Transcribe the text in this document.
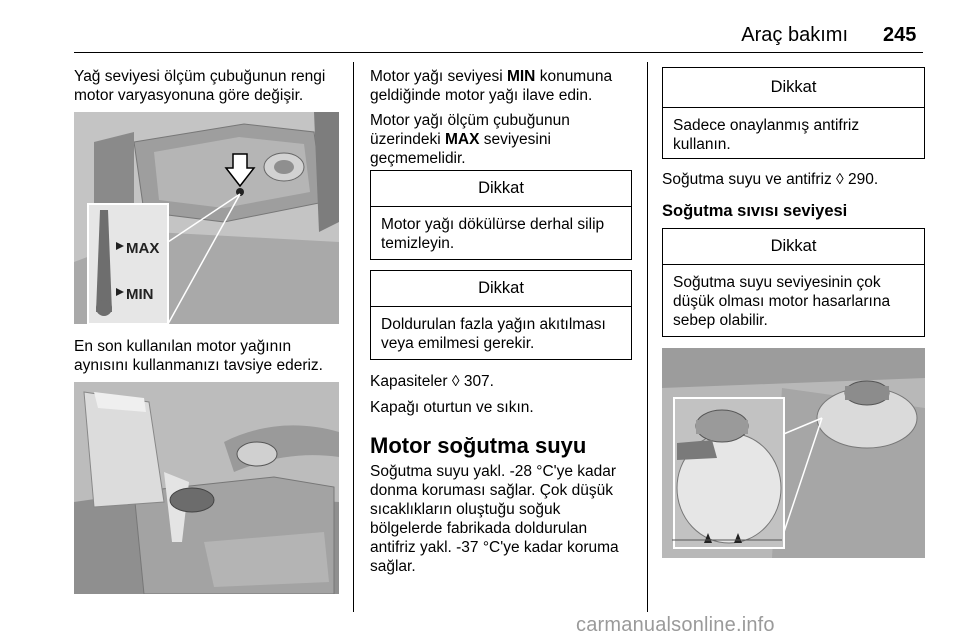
Araç bakımı 245

Yağ seviyesi ölçüm çubuğunun rengi
motor varyasyonuna göre değişir.

MAX
MIN

En son kullanılan motor yağının
aynısını kullanmanızı tavsiye ederiz.

Motor yağı seviyesi MIN konumuna
geldiğinde motor yağı ilave edin.

Motor yağı ölçüm çubuğunun
üzerindeki MAX seviyesini
geçmemelidir.

Dikkat
Motor yağı dökülürse derhal silip
temizleyin.
Dikkat
Doldurulan fazla yağın akıtılması
veya emilmesi gerekir.

Kapasiteler ◊ 307.

Kapağı oturtun ve sıkın.

Motor soğutma suyu

Soğutma suyu yakl. -28 °C'ye kadar
donma koruması sağlar. Çok düşük
sıcaklıkların oluştuğu soğuk
bölgelerde fabrikada doldurulan
antifriz yakl. -37 °C'ye kadar koruma
sağlar.

Dikkat
Sadece onaylanmış antifriz
kullanın.

Soğutma suyu ve antifriz ◊ 290.

Soğutma sıvısı seviyesi
Dikkat
Soğutma suyu seviyesinin çok
düşük olması motor hasarlarına
sebep olabilir.
carmanualsonline.info
